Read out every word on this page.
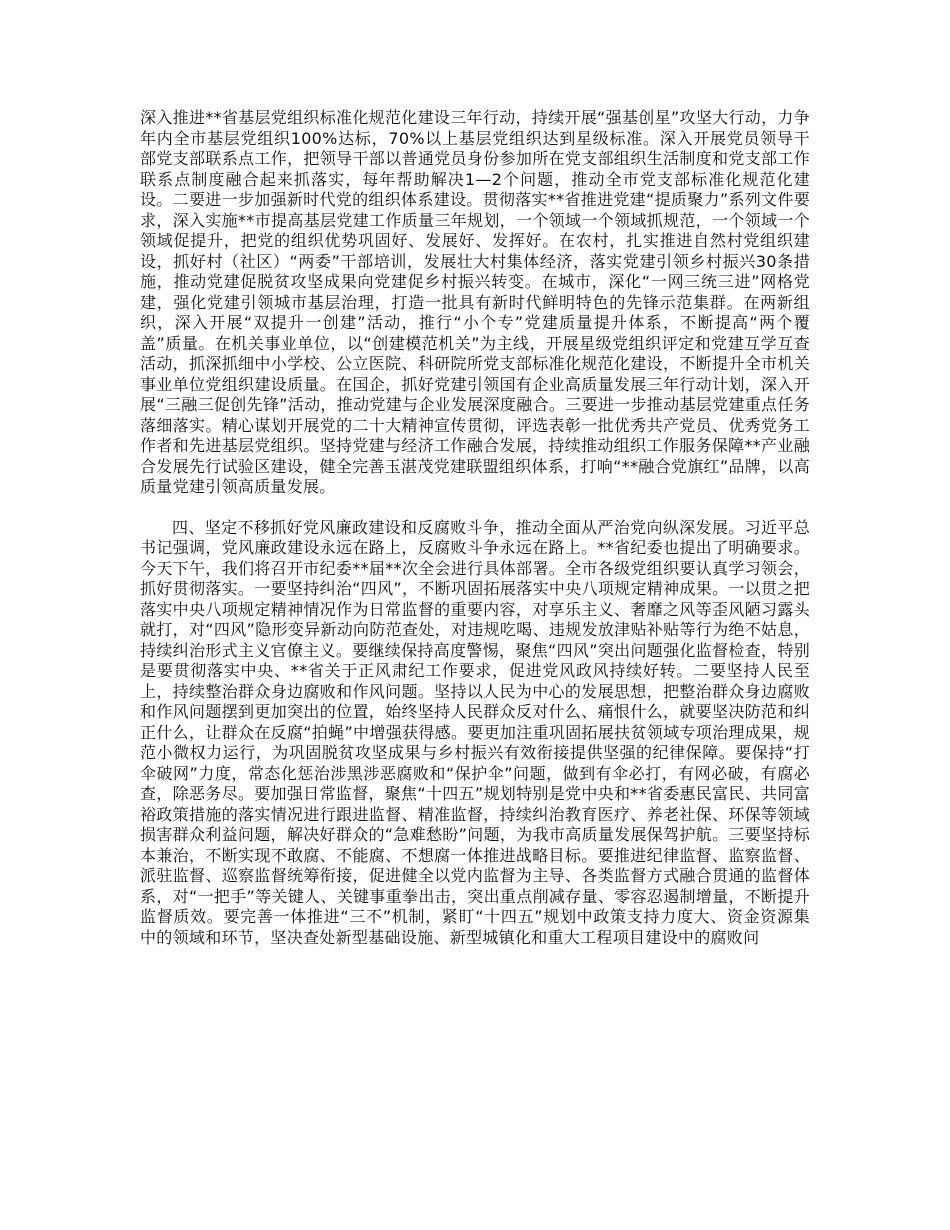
深入推进**省基层党组织标准化规范化建设三年行动，持续开展“强基创星”攻坚大行动，力争年内全市基层党组织100%达标，70%以上基层党组织达到星级标准。深入开展党员领导干部党支部联系点工作，把领导干部以普通党员身份参加所在党支部组织生活制度和党支部工作联系点制度融合起来抓落实，每年帮助解决1—2个问题，推动全市党支部标准化规范化建设。二要进一步加强新时代党的组织体系建设。贯彻落实**省推进党建“提质聚力”系列文件要求，深入实施**市提高基层党建工作质量三年规划，一个领域一个领域抓规范，一个领域一个领域促提升，把党的组织优势巩固好、发展好、发挥好。在农村，扎实推进自然村党组织建设，抓好村（社区）“两委”干部培训，发展壮大村集体经济，落实党建引领乡村振兴30条措施，推动党建促脱贫攻坚成果向党建促乡村振兴转变。在城市，深化“一网三统三进”网格党建，强化党建引领城市基层治理，打造一批具有新时代鲜明特色的先锋示范集群。在两新组织，深入开展“双提升一创建”活动，推行“小个专”党建质量提升体系，不断提高“两个覆盖”质量。在机关事业单位，以“创建模范机关”为主线，开展星级党组织评定和党建互学互查活动，抓深抓细中小学校、公立医院、科研院所党支部标准化规范化建设，不断提升全市机关事业单位党组织建设质量。在国企，抓好党建引领国有企业高质量发展三年行动计划，深入开展“三融三促创先锋”活动，推动党建与企业发展深度融合。三要进一步推动基层党建重点任务落细落实。精心谋划开展党的二十大精神宣传贯彻，评选表彰一批优秀共产党员、优秀党务工作者和先进基层党组织。坚持党建与经济工作融合发展，持续推动组织工作服务保障**产业融合发展先行试验区建设，健全完善玉湛茂党建联盟组织体系，打响“**融合党旗红”品牌，以高质量党建引领高质量发展。

四、坚定不移抓好党风廉政建设和反腐败斗争，推动全面从严治党向纵深发展。习近平总书记强调，党风廉政建设永远在路上，反腐败斗争永远在路上。**省纪委也提出了明确要求。今天下午，我们将召开市纪委**届**次全会进行具体部署。全市各级党组织要认真学习领会，抓好贯彻落实。一要坚持纠治“四风”，不断巩固拓展落实中央八项规定精神成果。一以贯之把落实中央八项规定精神情况作为日常监督的重要内容，对享乐主义、奢靡之风等歪风陋习露头就打，对“四风”隐形变异新动向防范查处，对违规吃喝、违规发放津贴补贴等行为绝不姑息，持续纠治形式主义官僚主义。要继续保持高度警惕，聚焦“四风”突出问题强化监督检查，特别是要贯彻落实中央、**省关于正风肃纪工作要求，促进党风政风持续好转。二要坚持人民至上，持续整治群众身边腐败和作风问题。坚持以人民为中心的发展思想，把整治群众身边腐败和作风问题摆到更加突出的位置，始终坚持人民群众反对什么、痛恨什么，就要坚决防范和纠正什么，让群众在反腐“拍蝇”中增强获得感。要更加注重巩固拓展扶贫领域专项治理成果，规范小微权力运行，为巩固脱贫攻坚成果与乡村振兴有效衔接提供坚强的纪律保障。要保持“打伞破网”力度，常态化惩治涉黑涉恶腐败和“保护伞”问题，做到有伞必打，有网必破，有腐必查，除恶务尽。要加强日常监督，聚焦“十四五”规划特别是党中央和**省委惠民富民、共同富裕政策措施的落实情况进行跟进监督、精准监督，持续纠治教育医疗、养老社保、环保等领域损害群众利益问题，解决好群众的“急难愁盼”问题，为我市高质量发展保驾护航。三要坚持标本兼治，不断实现不敢腐、不能腐、不想腐一体推进战略目标。要推进纪律监督、监察监督、派驻监督、巡察监督统筹衔接，促进健全以党内监督为主导、各类监督方式融合贯通的监督体系，对“一把手”等关键人、关键事重拳出击，突出重点削减存量、零容忍遏制增量，不断提升监督质效。要完善一体推进“三不”机制，紧盯“十四五”规划中政策支持力度大、资金资源集中的领域和环节，坚决查处新型基础设施、新型城镇化和重大工程项目建设中的腐败问
